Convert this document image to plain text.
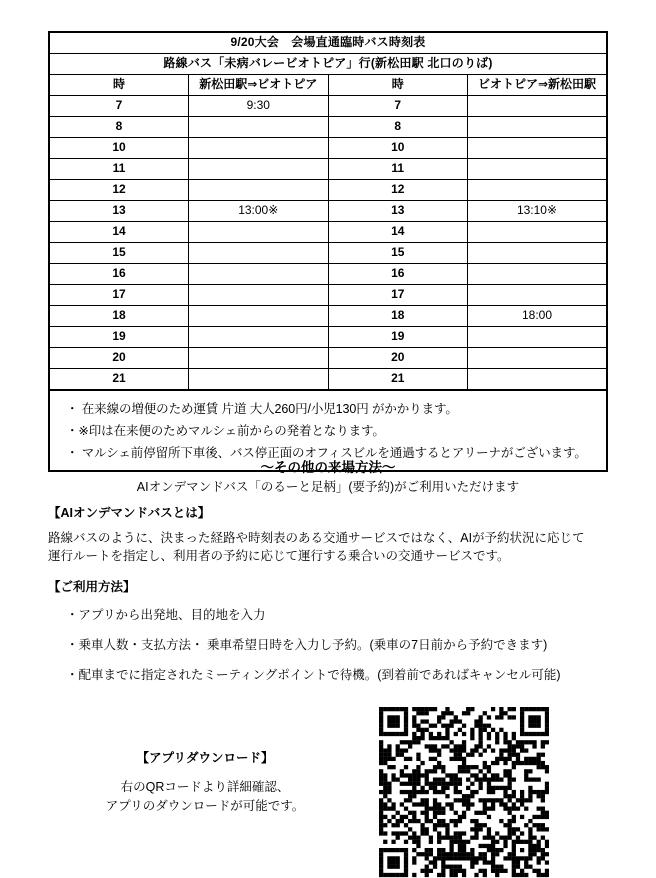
9/20大会　会場直通臨時バス時刻表			
路線バス「未病バレービオトピア」行(新松田駅 北口のりば)			
時	新松田駅⇒ビオトピア	時	ビオトピア⇒新松田駅
7	9:30	7	
8		8	
10		10	
11		11	
12		12	
13	13:00※	13	13:10※
14		14	
15		15	
16		16	
17		17	
18		18	18:00
19		19	
20		20	
21		21	
・ 在来線の増便のため運賃 片道 大人260円/小児130円 がかかります。
・※印は在来便のためマルシェ前からの発着となります。
・ マルシェ前停留所下車後、バス停正面のオフィスビルを通過するとアリーナがございます。
～その他の来場方法～
AIオンデマンドバス「のるーと足柄」(要予約)がご利用いただけます
【AIオンデマンドバスとは】
路線バスのように、決まった経路や時刻表のある交通サービスではなく、AIが予約状況に応じて
運行ルートを指定し、利用者の予約に応じて運行する乗合いの交通サービスです。
【ご利用方法】
・アプリから出発地、目的地を入力
・乗車人数・支払方法・ 乗車希望日時を入力し予約。(乗車の7日前から予約できます)
・配車までに指定されたミーティングポイントで待機。(到着前であればキャンセル可能)
【アプリダウンロード】
右のQRコードより詳細確認、
アプリのダウンロードが可能です。
